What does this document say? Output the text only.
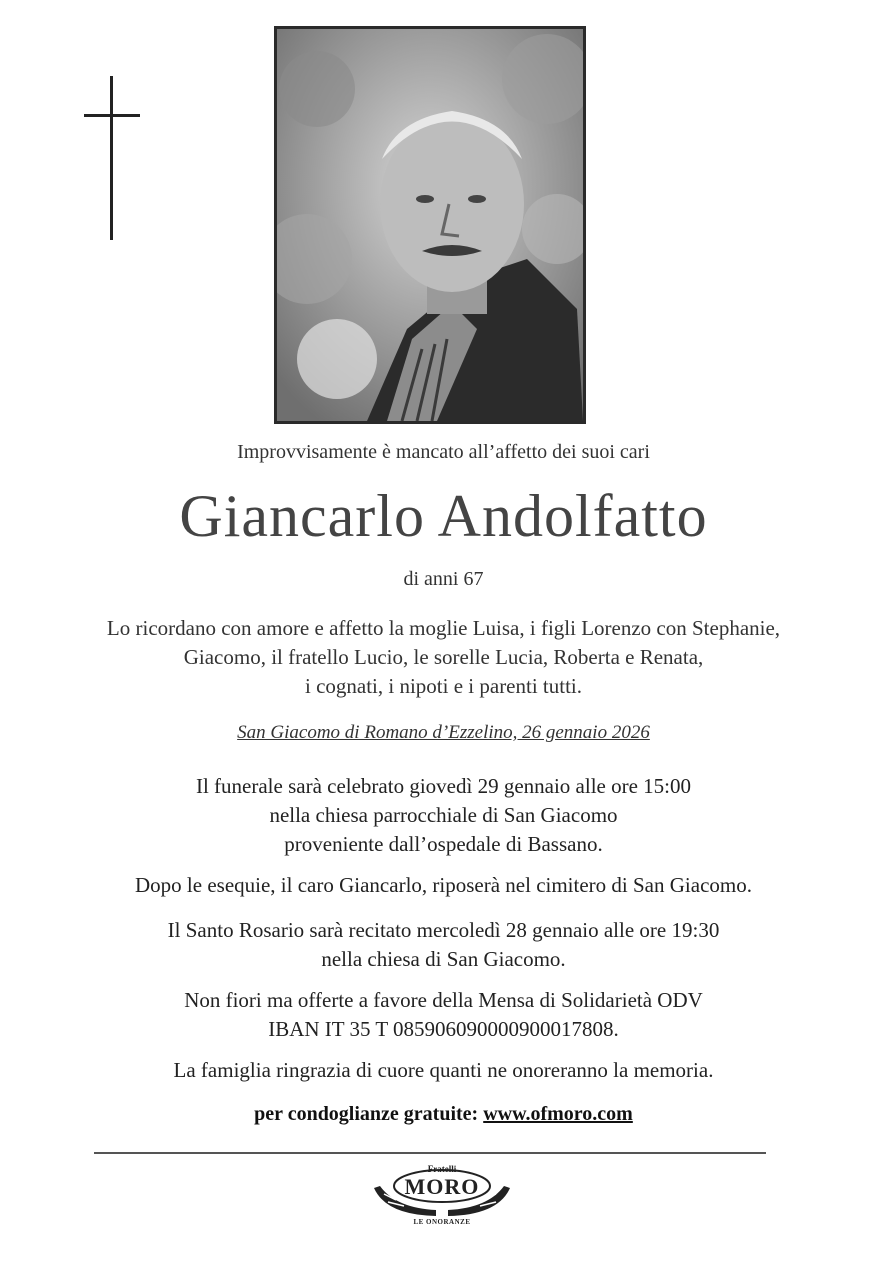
Improvvisamente è mancato all’affetto dei suoi cari
Giancarlo Andolfatto
di anni 67
Lo ricordano con amore e affetto la moglie Luisa, i figli Lorenzo con Stephanie,
Giacomo, il fratello Lucio, le sorelle Lucia, Roberta e Renata,
i cognati, i nipoti e i parenti tutti.
San Giacomo di Romano d’Ezzelino, 26 gennaio 2026
Il funerale sarà celebrato giovedì 29 gennaio alle ore 15:00
nella chiesa parrocchiale di San Giacomo
proveniente dall’ospedale di Bassano.
Dopo le esequie, il caro Giancarlo, riposerà nel cimitero di San Giacomo.
Il Santo Rosario sarà recitato mercoledì 28 gennaio alle ore 19:30
nella chiesa di San Giacomo.
Non fiori ma offerte a favore della Mensa di Solidarietà ODV
IBAN IT 35 T 085906090000900017808.
La famiglia ringrazia di cuore quanti ne onoreranno la memoria.
per condoglianze gratuite: www.ofmoro.com
Fratelli
MORO
LE ONORANZE
